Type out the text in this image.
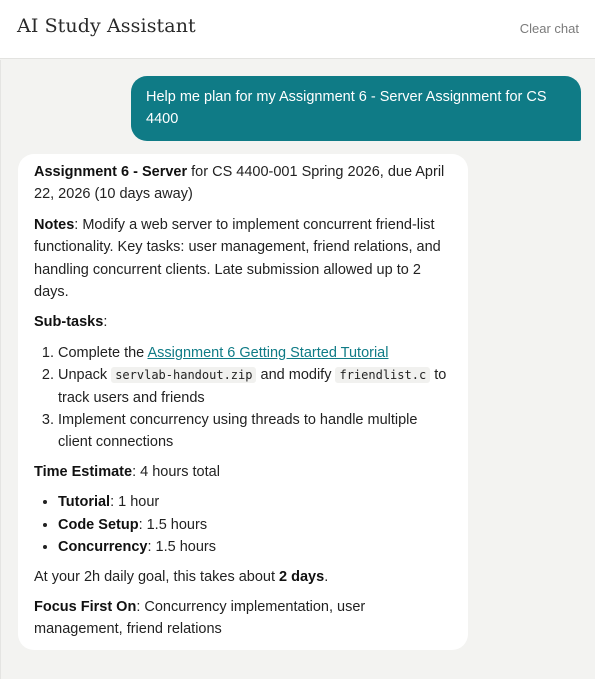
AI Study Assistant	Clear chat
Help me plan for my Assignment 6 - Server Assignment for CS 4400

Assignment 6 - Server for CS 4400-001 Spring 2026, due April 22, 2026 (10 days away)

Notes: Modify a web server to implement concurrent friend-list functionality. Key tasks: user management, friend relations, and handling concurrent clients. Late submission allowed up to 2 days.

Sub-tasks:

1. Complete the Assignment 6 Getting Started Tutorial
2. Unpack servlab-handout.zip and modify friendlist.c to track users and friends
3. Implement concurrency using threads to handle multiple client connections

Time Estimate: 4 hours total

• Tutorial: 1 hour
• Code Setup: 1.5 hours
• Concurrency: 1.5 hours

At your 2h daily goal, this takes about 2 days.

Focus First On: Concurrency implementation, user management, friend relations
